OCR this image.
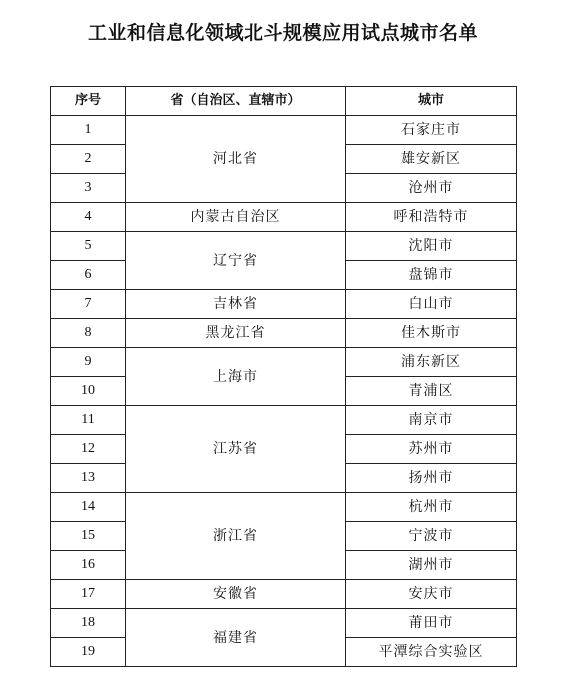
工业和信息化领域北斗规模应用试点城市名单
序号	省（自治区、直辖市）	城市
1	河北省	石家庄市
2		雄安新区
3		沧州市
4	内蒙古自治区	呼和浩特市
5	辽宁省	沈阳市
6		盘锦市
7	吉林省	白山市
8	黑龙江省	佳木斯市
9	上海市	浦东新区
10		青浦区
11	江苏省	南京市
12		苏州市
13		扬州市
14	浙江省	杭州市
15		宁波市
16		湖州市
17	安徽省	安庆市
18	福建省	莆田市
19		平潭综合实验区
